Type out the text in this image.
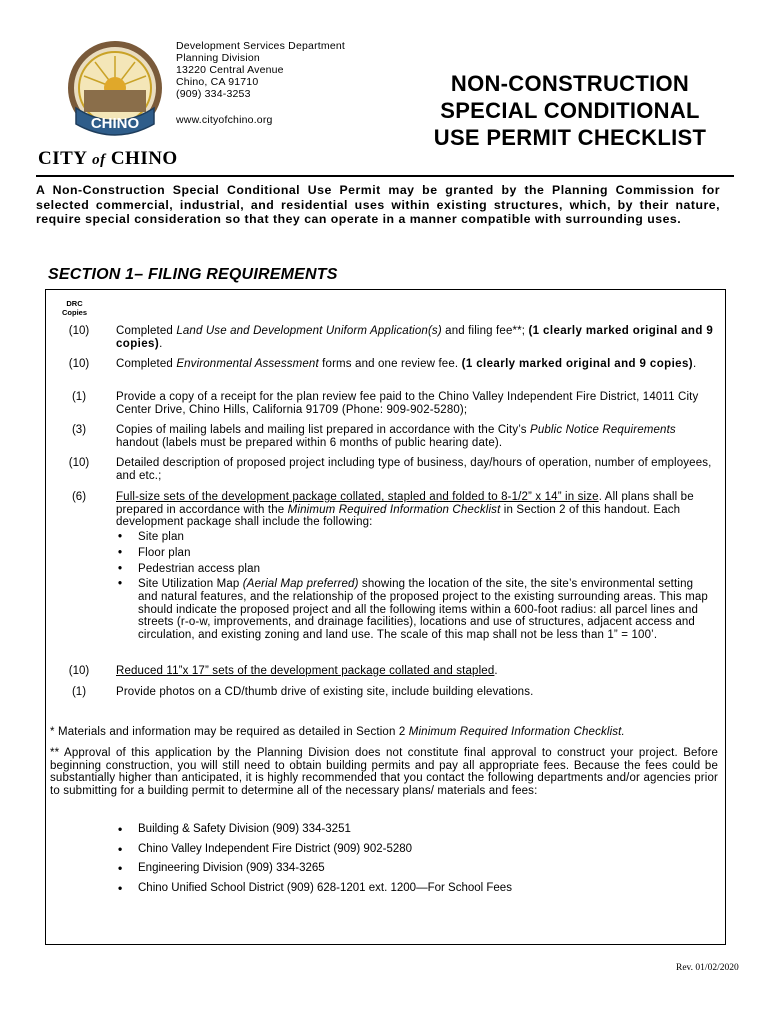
CHINO
CITY of CHINO
Development Services Department
Planning Division
13220 Central Avenue
Chino, CA 91710
(909) 334-3253
www.cityofchino.org
NON-CONSTRUCTION
SPECIAL CONDITIONAL
USE PERMIT CHECKLIST
A Non-Construction Special Conditional Use Permit may be granted by the Planning Commission for selected commercial, industrial, and residential uses within existing structures, which, by their nature, require special consideration so that they can operate in a manner compatible with surrounding uses.
SECTION 1– FILING REQUIREMENTS
DRC
Copies
(10)	Completed Land Use and Development Uniform Application(s) and filing fee**; (1 clearly marked original and 9 copies).
(10)	Completed Environmental Assessment forms and one review fee. (1 clearly marked original and 9 copies).
(1)	Provide a copy of a receipt for the plan review fee paid to the Chino Valley Independent Fire District, 14011 City Center Drive, Chino Hills, California 91709 (Phone: 909-902-5280);
(3)	Copies of mailing labels and mailing list prepared in accordance with the City’s Public Notice Requirements handout (labels must be prepared within 6 months of public hearing date).
(10)	Detailed description of proposed project including type of business, day/hours of operation, number of employees, and etc.;
(6)	Full-size sets of the development package collated, stapled and folded to 8-1/2” x 14” in size. All plans shall be prepared in accordance with the Minimum Required Information Checklist in Section 2 of this handout. Each development package shall include the following:
• Site plan
• Floor plan
• Pedestrian access plan
• Site Utilization Map (Aerial Map preferred) showing the location of the site, the site’s environmental setting and natural features, and the relationship of the proposed project to the existing surrounding areas. This map should indicate the proposed project and all the following items within a 600-foot radius: all parcel lines and streets (r-o-w, improvements, and drainage facilities), locations and use of structures, adjacent access and circulation, and existing zoning and land use. The scale of this map shall not be less than 1” = 100’.
(10)	Reduced 11”x 17” sets of the development package collated and stapled.
(1)	Provide photos on a CD/thumb drive of existing site, include building elevations.
* Materials and information may be required as detailed in Section 2 Minimum Required Information Checklist.
** Approval of this application by the Planning Division does not constitute final approval to construct your project. Before beginning construction, you will still need to obtain building permits and pay all appropriate fees. Because the fees could be substantially higher than anticipated, it is highly recommended that you contact the following departments and/or agencies prior to submitting for a building permit to determine all of the necessary plans/ materials and fees:
• Building & Safety Division (909) 334-3251
• Chino Valley Independent Fire District (909) 902-5280
• Engineering Division (909) 334-3265
• Chino Unified School District (909) 628-1201 ext. 1200—For School Fees
Rev. 01/02/2020
